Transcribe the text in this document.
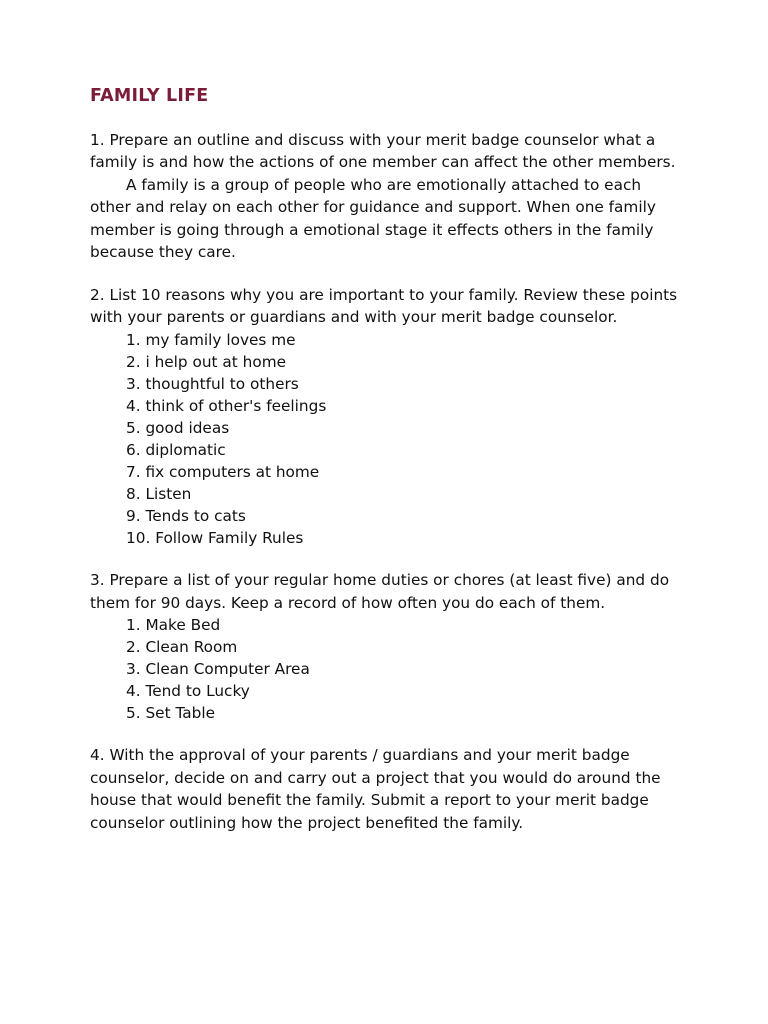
FAMILY LIFE

1. Prepare an outline and discuss with your merit badge counselor what a family is and how the actions of one member can affect the other members.

A family is a group of people who are emotionally attached to each other and relay on each other for guidance and support. When one family member is going through a emotional stage it effects others in the family because they care.

2. List 10 reasons why you are important to your family. Review these points with your parents or guardians and with your merit badge counselor.

1. my family loves me
2. i help out at home
3. thoughtful to others
4. think of other's feelings
5. good ideas
6. diplomatic
7. fix computers at home
8. Listen
9. Tends to cats
10. Follow Family Rules

3. Prepare a list of your regular home duties or chores (at least five) and do them for 90 days. Keep a record of how often you do each of them.

1. Make Bed
2. Clean Room
3. Clean Computer Area
4. Tend to Lucky
5. Set Table

4. With the approval of your parents / guardians and your merit badge counselor, decide on and carry out a project that you would do around the house that would benefit the family. Submit a report to your merit badge counselor outlining how the project benefited the family.
